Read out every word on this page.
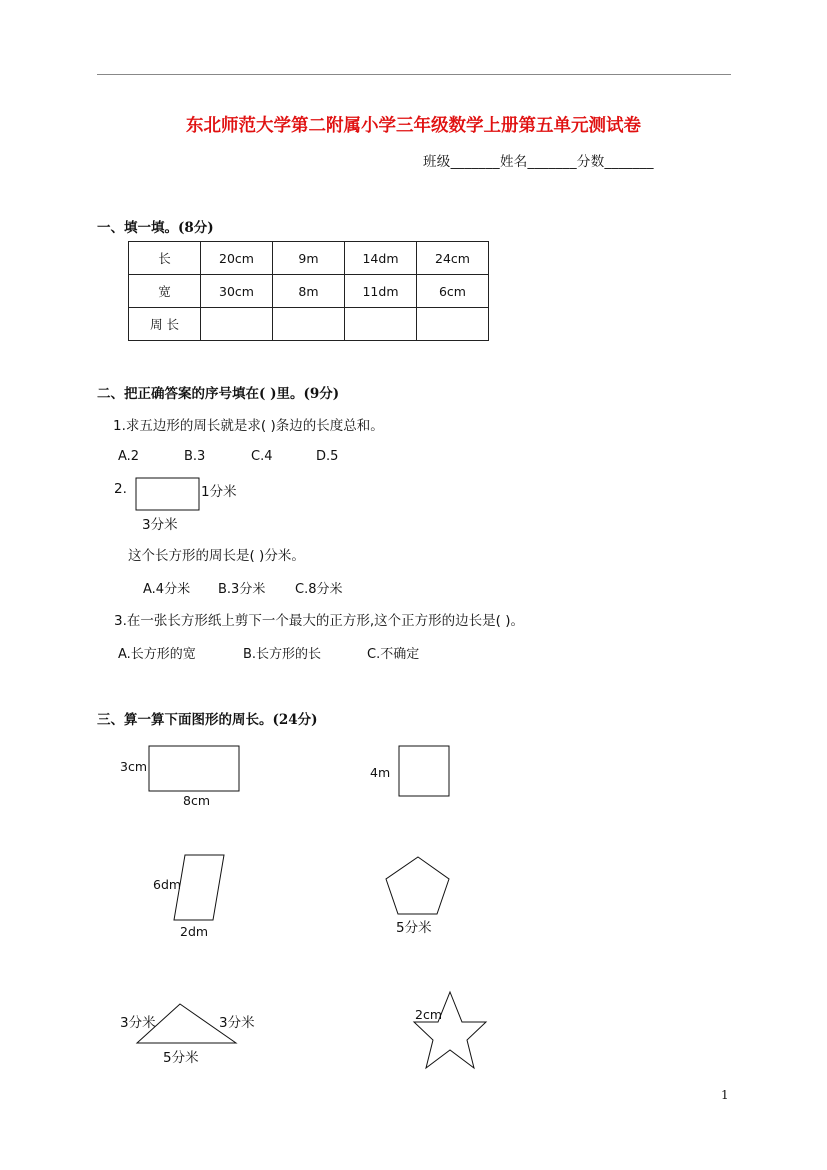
东北师范大学第二附属小学三年级数学上册第五单元测试卷
班级_______姓名_______分数_______
一、填一填。(8分)
长	20cm	9m	14dm	24cm
宽	30cm	8m	11dm	6cm
周 长				
二、把正确答案的序号填在( )里。(9分)
1.求五边形的周长就是求( )条边的长度总和。
A.2	B.3	C.4	D.5
2.	1分米
3分米
这个长方形的周长是( )分米。
A.4分米 B.3分米 C.8分米
3.在一张长方形纸上剪下一个最大的正方形,这个正方形的边长是( )。
A.长方形的宽	B.长方形的长	C.不确定
三、算一算下面图形的周长。(24分)
3cm
8cm
4m
6dm
2dm	5分米
3分米	3分米
5分米
2cm
1
